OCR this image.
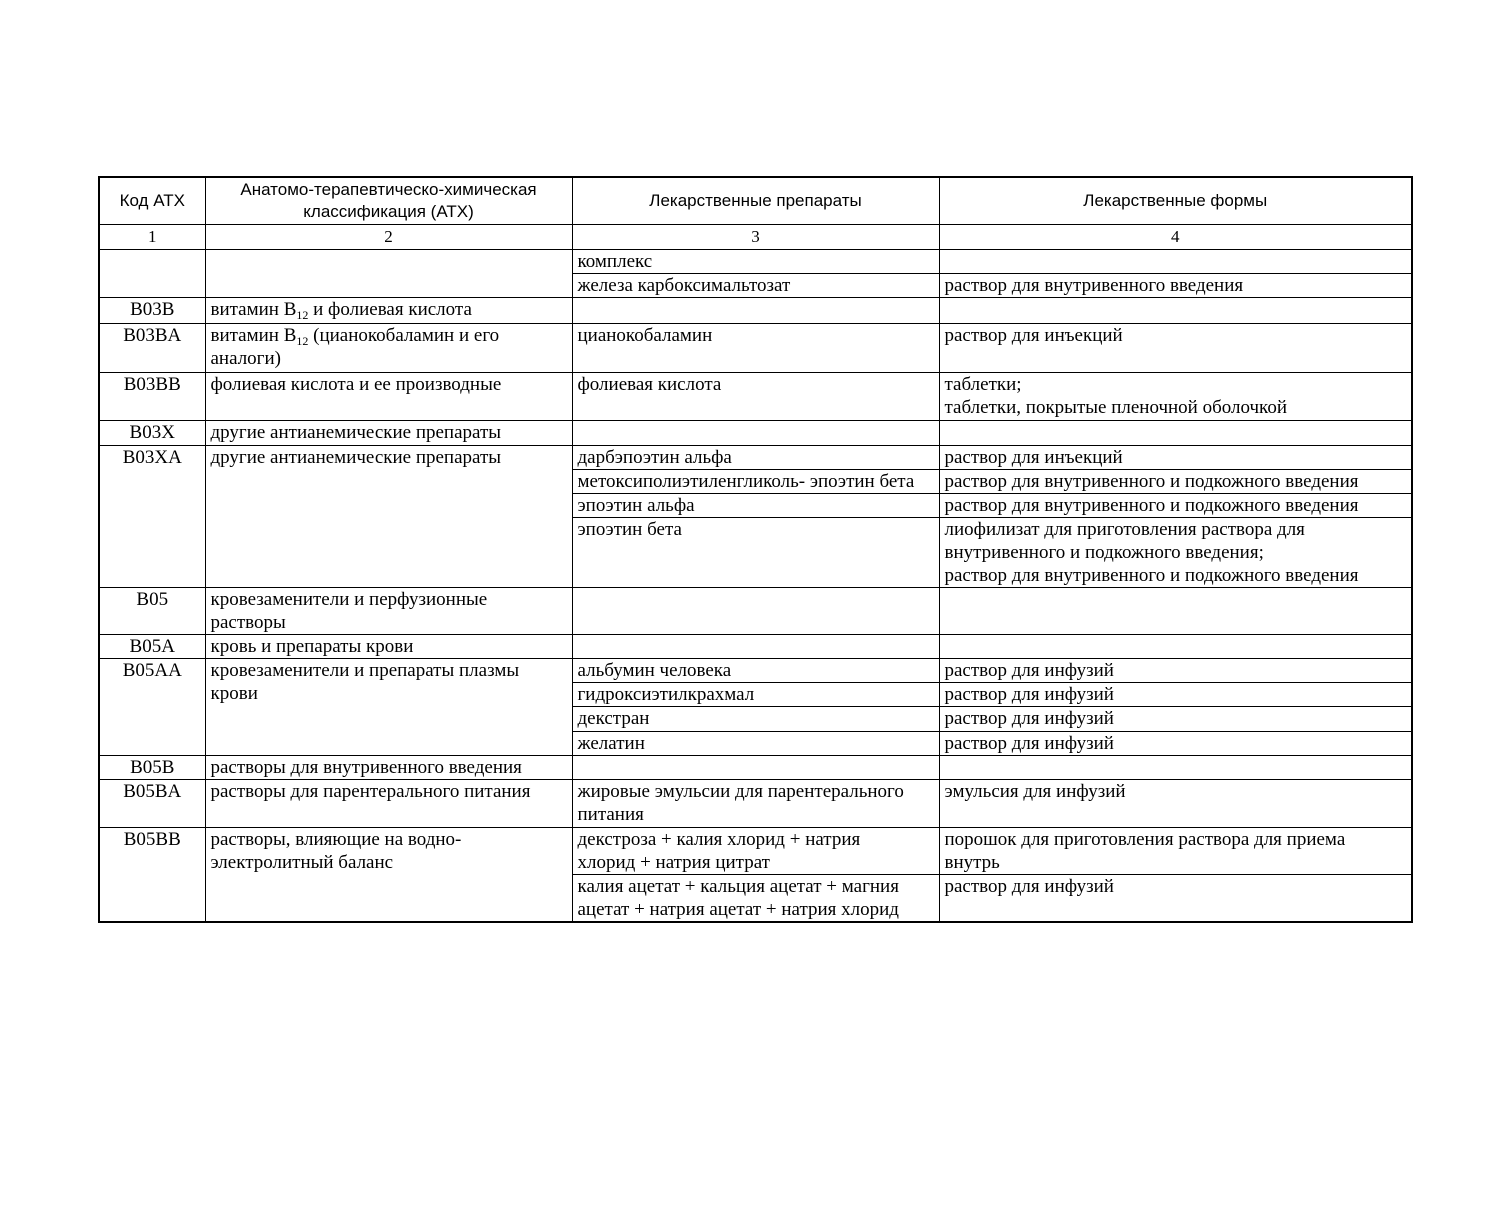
Код АТХ	Анатомо-терапевтическо-химическая
классификация (АТХ)	Лекарственные препараты	Лекарственные формы
1	2	3	4
		комплекс	
		железа карбоксимальтозат	раствор для внутривенного введения
B03B	витамин $B_{12}$ и фолиевая кислота		
B03BA	витамин $B_{12}$ (цианокобаламин и его
аналоги)	цианокобаламин	раствор для инъекций
B03BB	фолиевая кислота и ее производные	фолиевая кислота	таблетки;
таблетки, покрытые пленочной оболочкой
B03X	другие антианемические препараты		
B03XA	другие антианемические препараты	дарбэпоэтин альфа	раствор для инъекций
		метоксиполиэтиленгликоль- эпоэтин бета	раствор для внутривенного и подкожного введения
		эпоэтин альфа	раствор для внутривенного и подкожного введения
		эпоэтин бета	лиофилизат для приготовления раствора для
внутривенного и подкожного введения;
раствор для внутривенного и подкожного введения
B05	кровезаменители и перфузионные
растворы		
B05A	кровь и препараты крови		
B05AA	кровезаменители и препараты плазмы
крови	альбумин человека	раствор для инфузий
		гидроксиэтилкрахмал	раствор для инфузий
		декстран	раствор для инфузий
		желатин	раствор для инфузий
B05B	растворы для внутривенного введения		
B05BA	растворы для парентерального питания	жировые эмульсии для парентерального
питания	эмульсия для инфузий
B05BB	растворы, влияющие на водно-
электролитный баланс	декстроза + калия хлорид + натрия
хлорид + натрия цитрат	порошок для приготовления раствора для приема
внутрь
		калия ацетат + кальция ацетат + магния
ацетат + натрия ацетат + натрия хлорид	раствор для инфузий
